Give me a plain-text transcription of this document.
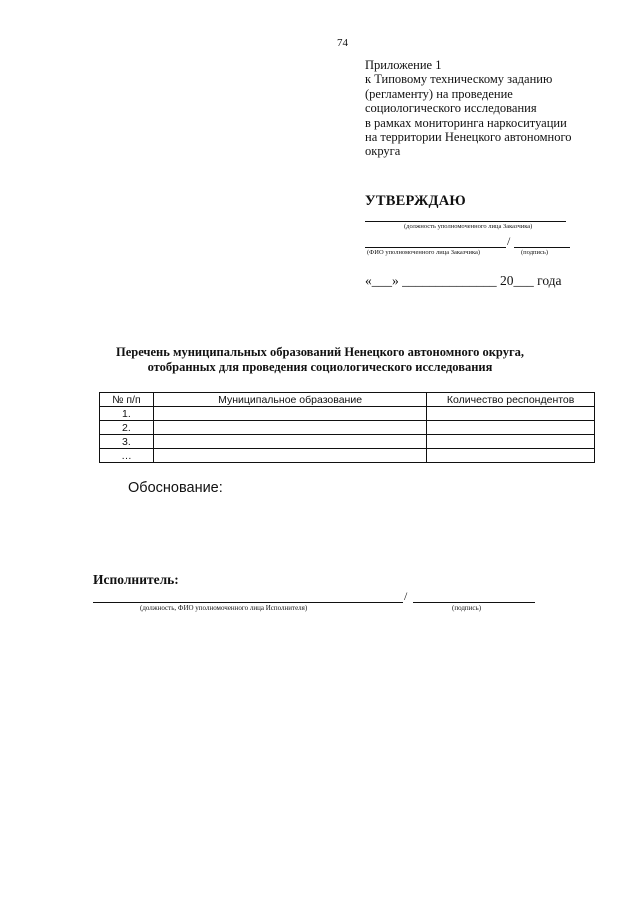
74
Приложение 1
к Типовому техническому заданию
(регламенту) на проведение
социологического исследования
в рамках мониторинга наркоситуации
на территории Ненецкого автономного
округа
УТВЕРЖДАЮ
(должность уполномоченного лица Заказчика)
/
(ФИО уполномоченного лица Заказчика)	(подпись)
«___» ______________ 20___ года
Перечень муниципальных образований Ненецкого автономного округа,
отобранных для проведения социологического исследования
№ п/п	Муниципальное образование	Количество респондентов
1.		
2.		
3.		
…		
Обоснование:
Исполнитель:
/
(должность, ФИО уполномоченного лица Исполнителя)	(подпись)
